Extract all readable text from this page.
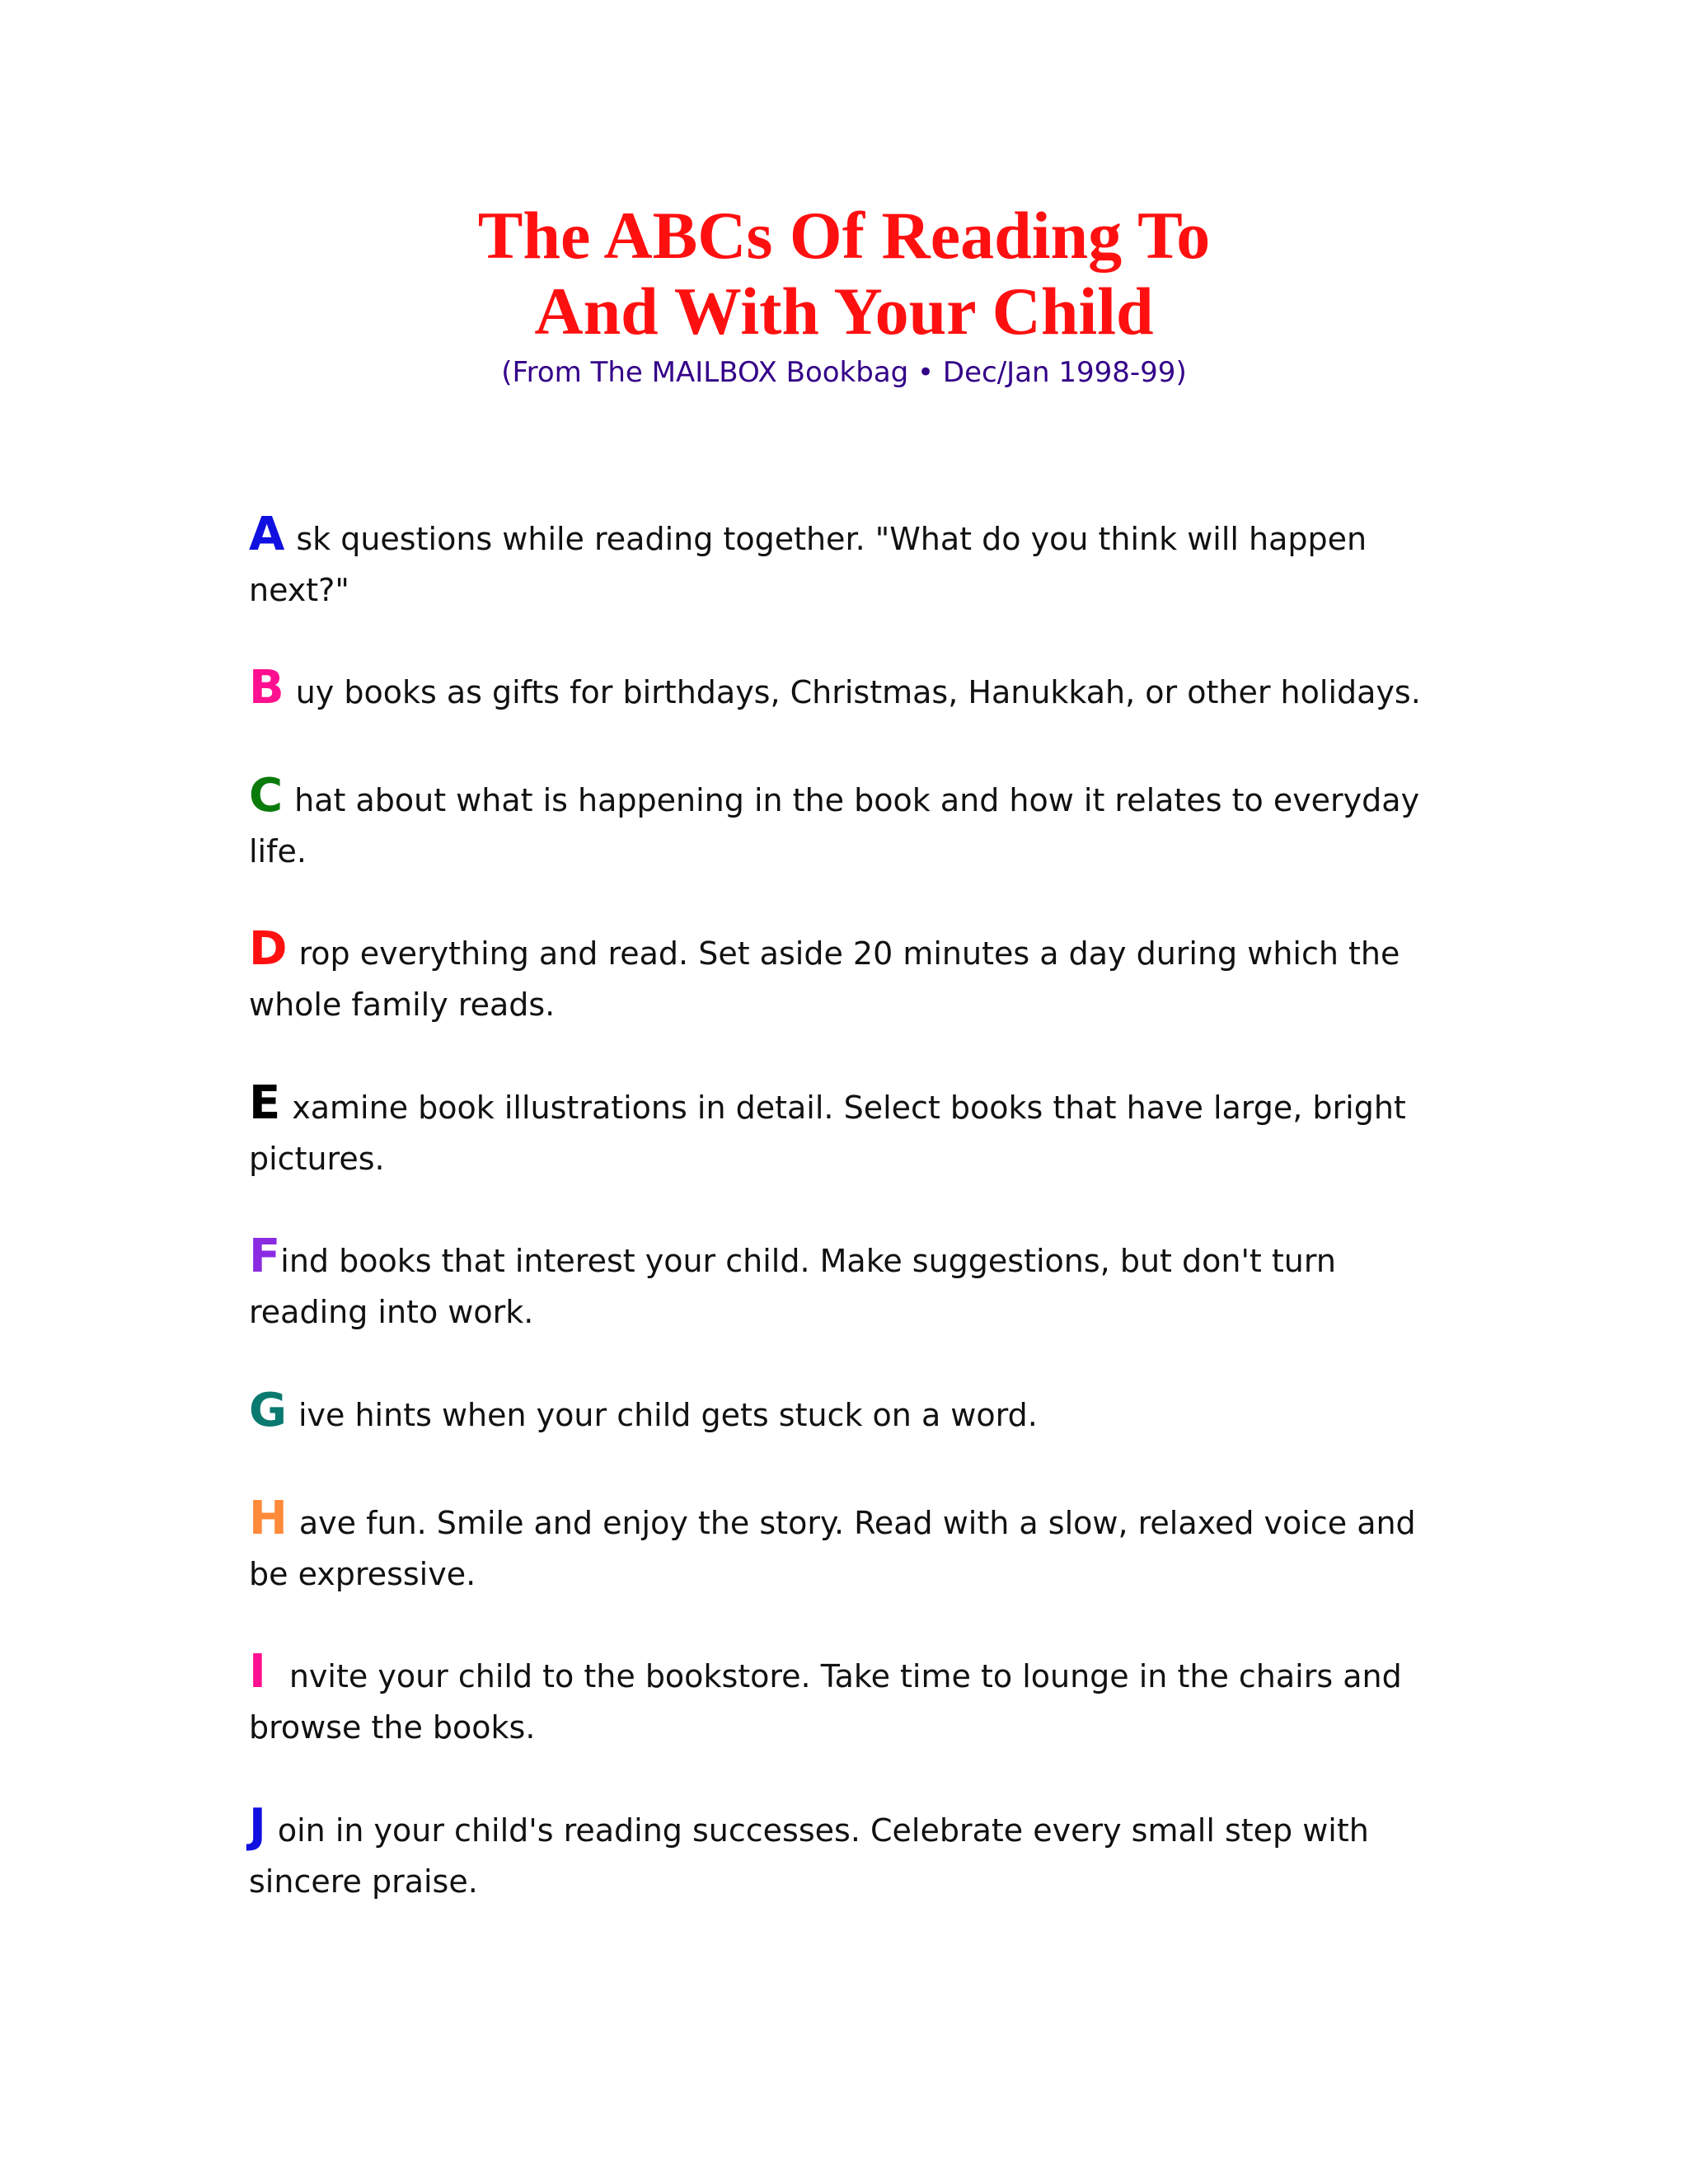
The ABCs Of Reading To
And With Your Child
(From The MAILBOX Bookbag • Dec/Jan 1998-99)
A sk questions while reading together. "What do you think will happen next?"
B uy books as gifts for birthdays, Christmas, Hanukkah, or other holidays.
C hat about what is happening in the book and how it relates to everyday life.
D rop everything and read. Set aside 20 minutes a day during which the whole family reads.
E xamine book illustrations in detail. Select books that have large, bright pictures.
Find books that interest your child. Make suggestions, but don't turn reading into work.
G ive hints when your child gets stuck on a word.
H ave fun. Smile and enjoy the story. Read with a slow, relaxed voice and be expressive.
I nvite your child to the bookstore. Take time to lounge in the chairs and browse the books.
J oin in your child's reading successes. Celebrate every small step with sincere praise.
